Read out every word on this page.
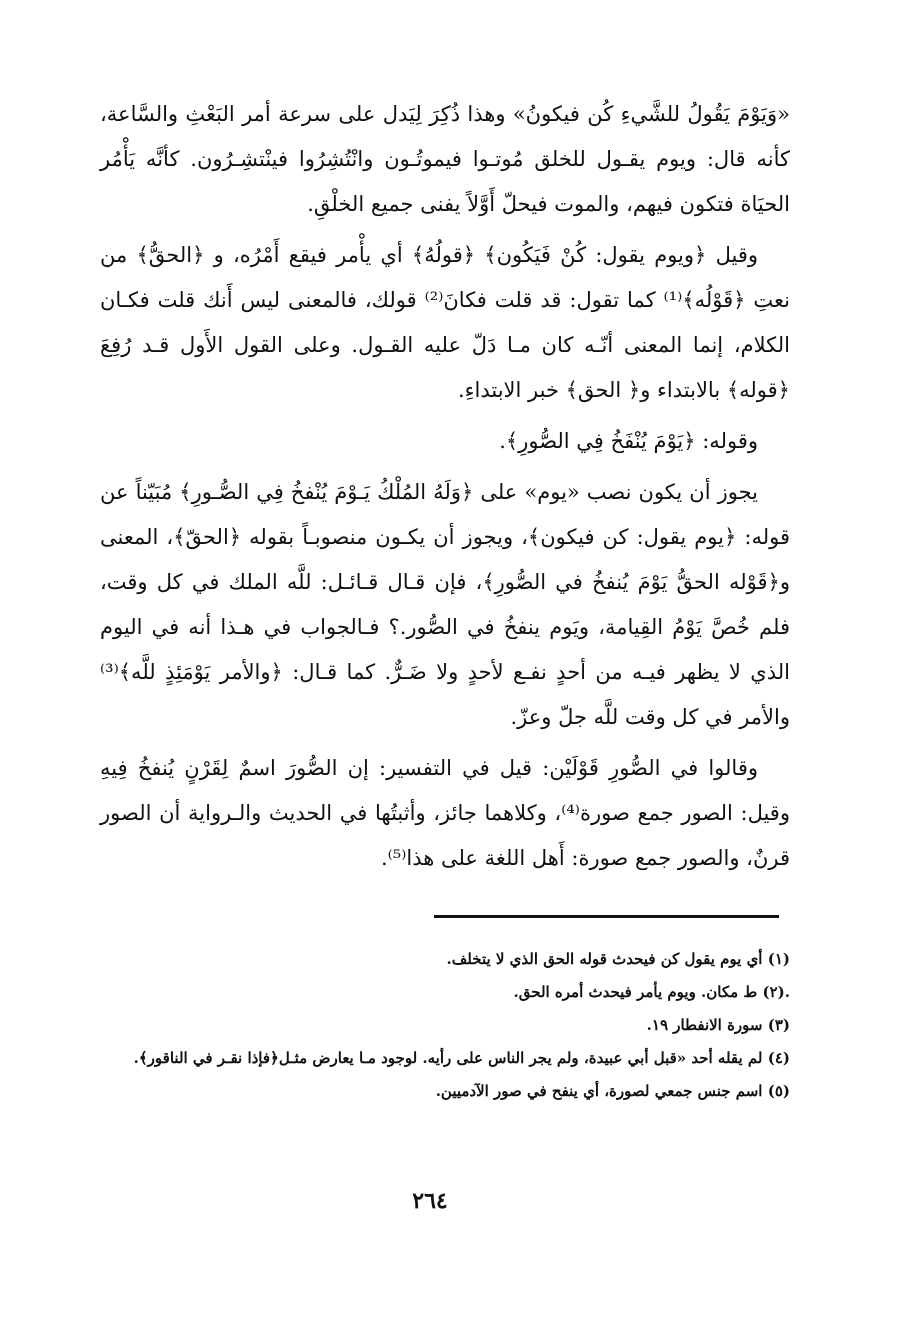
«وَيَوْمَ يَقُولُ للشَّيءِ كُن فيكونُ» وهذا ذُكِرَ لِيَدل على سرعة أمر البَعْثِ والسَّاعة، كأنه قال: ويوم يقـول للخلق مُوتـوا فيموتُـون وانْتُشِرُوا فينْتشِـرُون. كأنَّه يَأْمُر الحيَاة فتكون فيهم، والموت فيحلّ أَوَّلاً يفنى جميع الخلْقِ.

وقيل ﴿ويوم يقول: كُنْ فَيَكُون﴾ ﴿قولُهُ﴾ أي يأْمر فيقع أَمْرُه، و ﴿الحقُّ﴾ من نعتِ ﴿قَوْلُه﴾⁽¹⁾ كما تقول: قد قلت فكانَ⁽²⁾ قولك، فالمعنى ليس أَنك قلت فكـان الكلام، إنما المعنى أنّـه كان مـا دَلّ عليه القـول. وعلى القول الأَول قـد رُفِعَ ﴿قوله﴾ بالابتداء و﴿ الحق﴾ خبر الابتداءِ.

وقوله: ﴿يَوْمَ يُنْفَخُ فِي الصُّورِ﴾.

يجوز أن يكون نصب «يوم» على ﴿وَلَهُ المُلْكُ يَـوْمَ يُنْفخُ فِي الصُّـورِ﴾ مُبَيّناً عن قوله: ﴿يوم يقول: كن فيكون﴾، ويجوز أن يكـون منصوبـاً بقوله ﴿الحقّ﴾، المعنى و﴿قَوْله الحقُّ يَوْمَ يُنفخُ في الصُّورِ﴾، فإن قـال قـائـل: للَّه الملك في كل وقت، فلم خُصَّ يَوْمُ القِيامة، ويَوم ينفخُ في الصُّور.؟ فـالجواب في هـذا أنه في اليوم الذي لا يظهر فيـه من أحدٍ نفـع لأحدٍ ولا ضَـرٌّ. كما قـال: ﴿والأمر يَوْمَئِذٍ للَّه﴾⁽³⁾ والأمر في كل وقت للَّه جلّ وعزّ.

وقالوا في الصُّورِ قَوْلَيْن: قيل في التفسير: إن الصُّورَ اسمٌ لِقَرْنٍ يُنفخُ فِيهِ وقيل: الصور جمع صورة⁽⁴⁾، وكلاهما جائز، وأثبتُها في الحديث والـرواية أن الصور قرنٌ، والصور جمع صورة: أَهل اللغة على هذا⁽⁵⁾.

(١) أي يوم يقول كن فيحدث قوله الحق الذي لا يتخلف.
.(٢) ط مكان. ويوم يأمر فيحدث أمره الحق.
(٣) سورة الانفطار ١٩.
(٤) لم يقله أحد «قبل أبي عبيدة، ولم يجر الناس على رأيه. لوجود مـا يعارض مثـل﴿فإذا نقـر في الناقور﴾.
(٥) اسم جنس جمعي لصورة، أي ينفح في صور الآدميين.
٢٦٤
